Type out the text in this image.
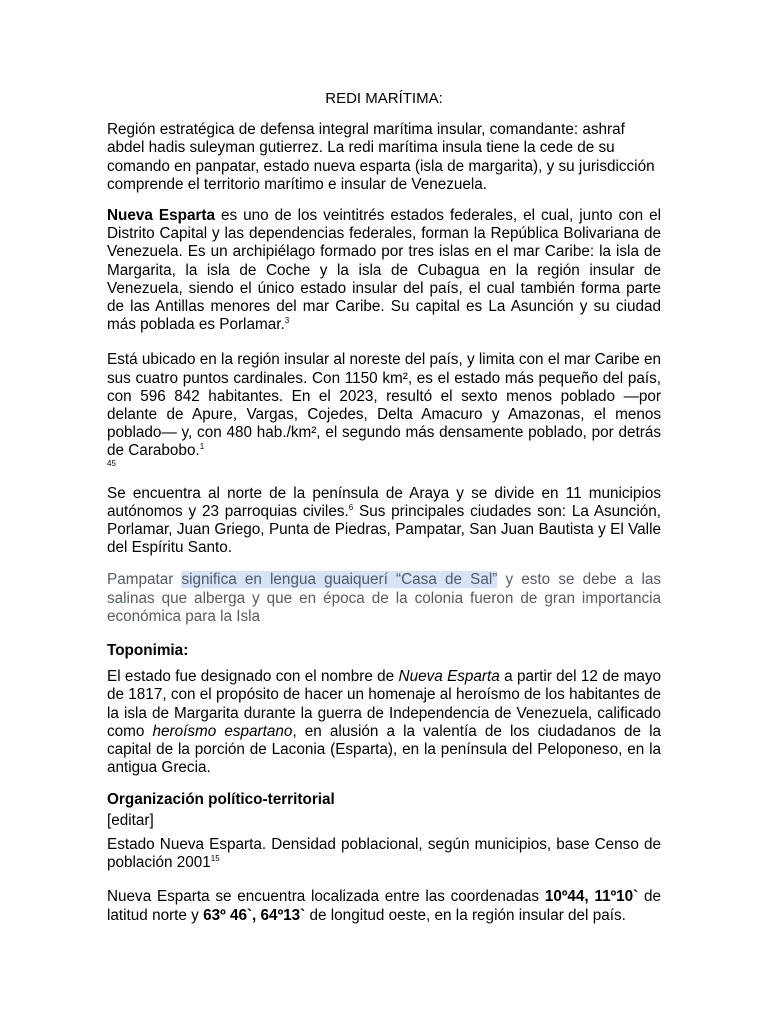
REDI MARÍTIMA:

Región estratégica de defensa integral marítima insular, comandante: ashraf abdel hadis suleyman gutierrez. La redi marítima insula tiene la cede de su comando en panpatar, estado nueva esparta (isla de margarita), y su jurisdicción comprende el territorio marítimo e insular de Venezuela.

Nueva Esparta es uno de los veintitrés estados federales, el cual, junto con el Distrito Capital y las dependencias federales, forman la República Bolivariana de Venezuela. Es un archipiélago formado por tres islas en el mar Caribe: la isla de Margarita, la isla de Coche y la isla de Cubagua en la región insular de Venezuela, siendo el único estado insular del país, el cual también forma parte de las Antillas menores del mar Caribe. Su capital es La Asunción y su ciudad más poblada es Porlamar.$^3$

Está ubicado en la región insular al noreste del país, y limita con el mar Caribe en sus cuatro puntos cardinales. Con 1150 km², es el estado más pequeño del país, con 596 842 habitantes. En el 2023, resultó el sexto menos poblado —por delante de Apure, Vargas, Cojedes, Delta Amacuro y Amazonas, el menos poblado— y, con 480 hab./km², el segundo más densamente poblado, por detrás de Carabobo.$^1$

45

Se encuentra al norte de la península de Araya y se divide en 11 municipios autónomos y 23 parroquias civiles.$^6$ Sus principales ciudades son: La Asunción, Porlamar, Juan Griego, Punta de Piedras, Pampatar, San Juan Bautista y El Valle del Espíritu Santo.

Pampatar significa en lengua guaiquerí “Casa de Sal” y esto se debe a las salinas que alberga y que en época de la colonia fueron de gran importancia económica para la Isla

Toponimia:

El estado fue designado con el nombre de Nueva Esparta a partir del 12 de mayo de 1817, con el propósito de hacer un homenaje al heroísmo de los habitantes de la isla de Margarita durante la guerra de Independencia de Venezuela, calificado como heroísmo espartano, en alusión a la valentía de los ciudadanos de la capital de la porción de Laconia (Esparta), en la península del Peloponeso, en la antigua Grecia.

Organización político-territorial

[editar]

Estado Nueva Esparta. Densidad poblacional, según municipios, base Censo de población 2001$^{15}$

Nueva Esparta se encuentra localizada entre las coordenadas 10º44, 11º10` de latitud norte y 63º 46`, 64º13` de longitud oeste, en la región insular del país.
